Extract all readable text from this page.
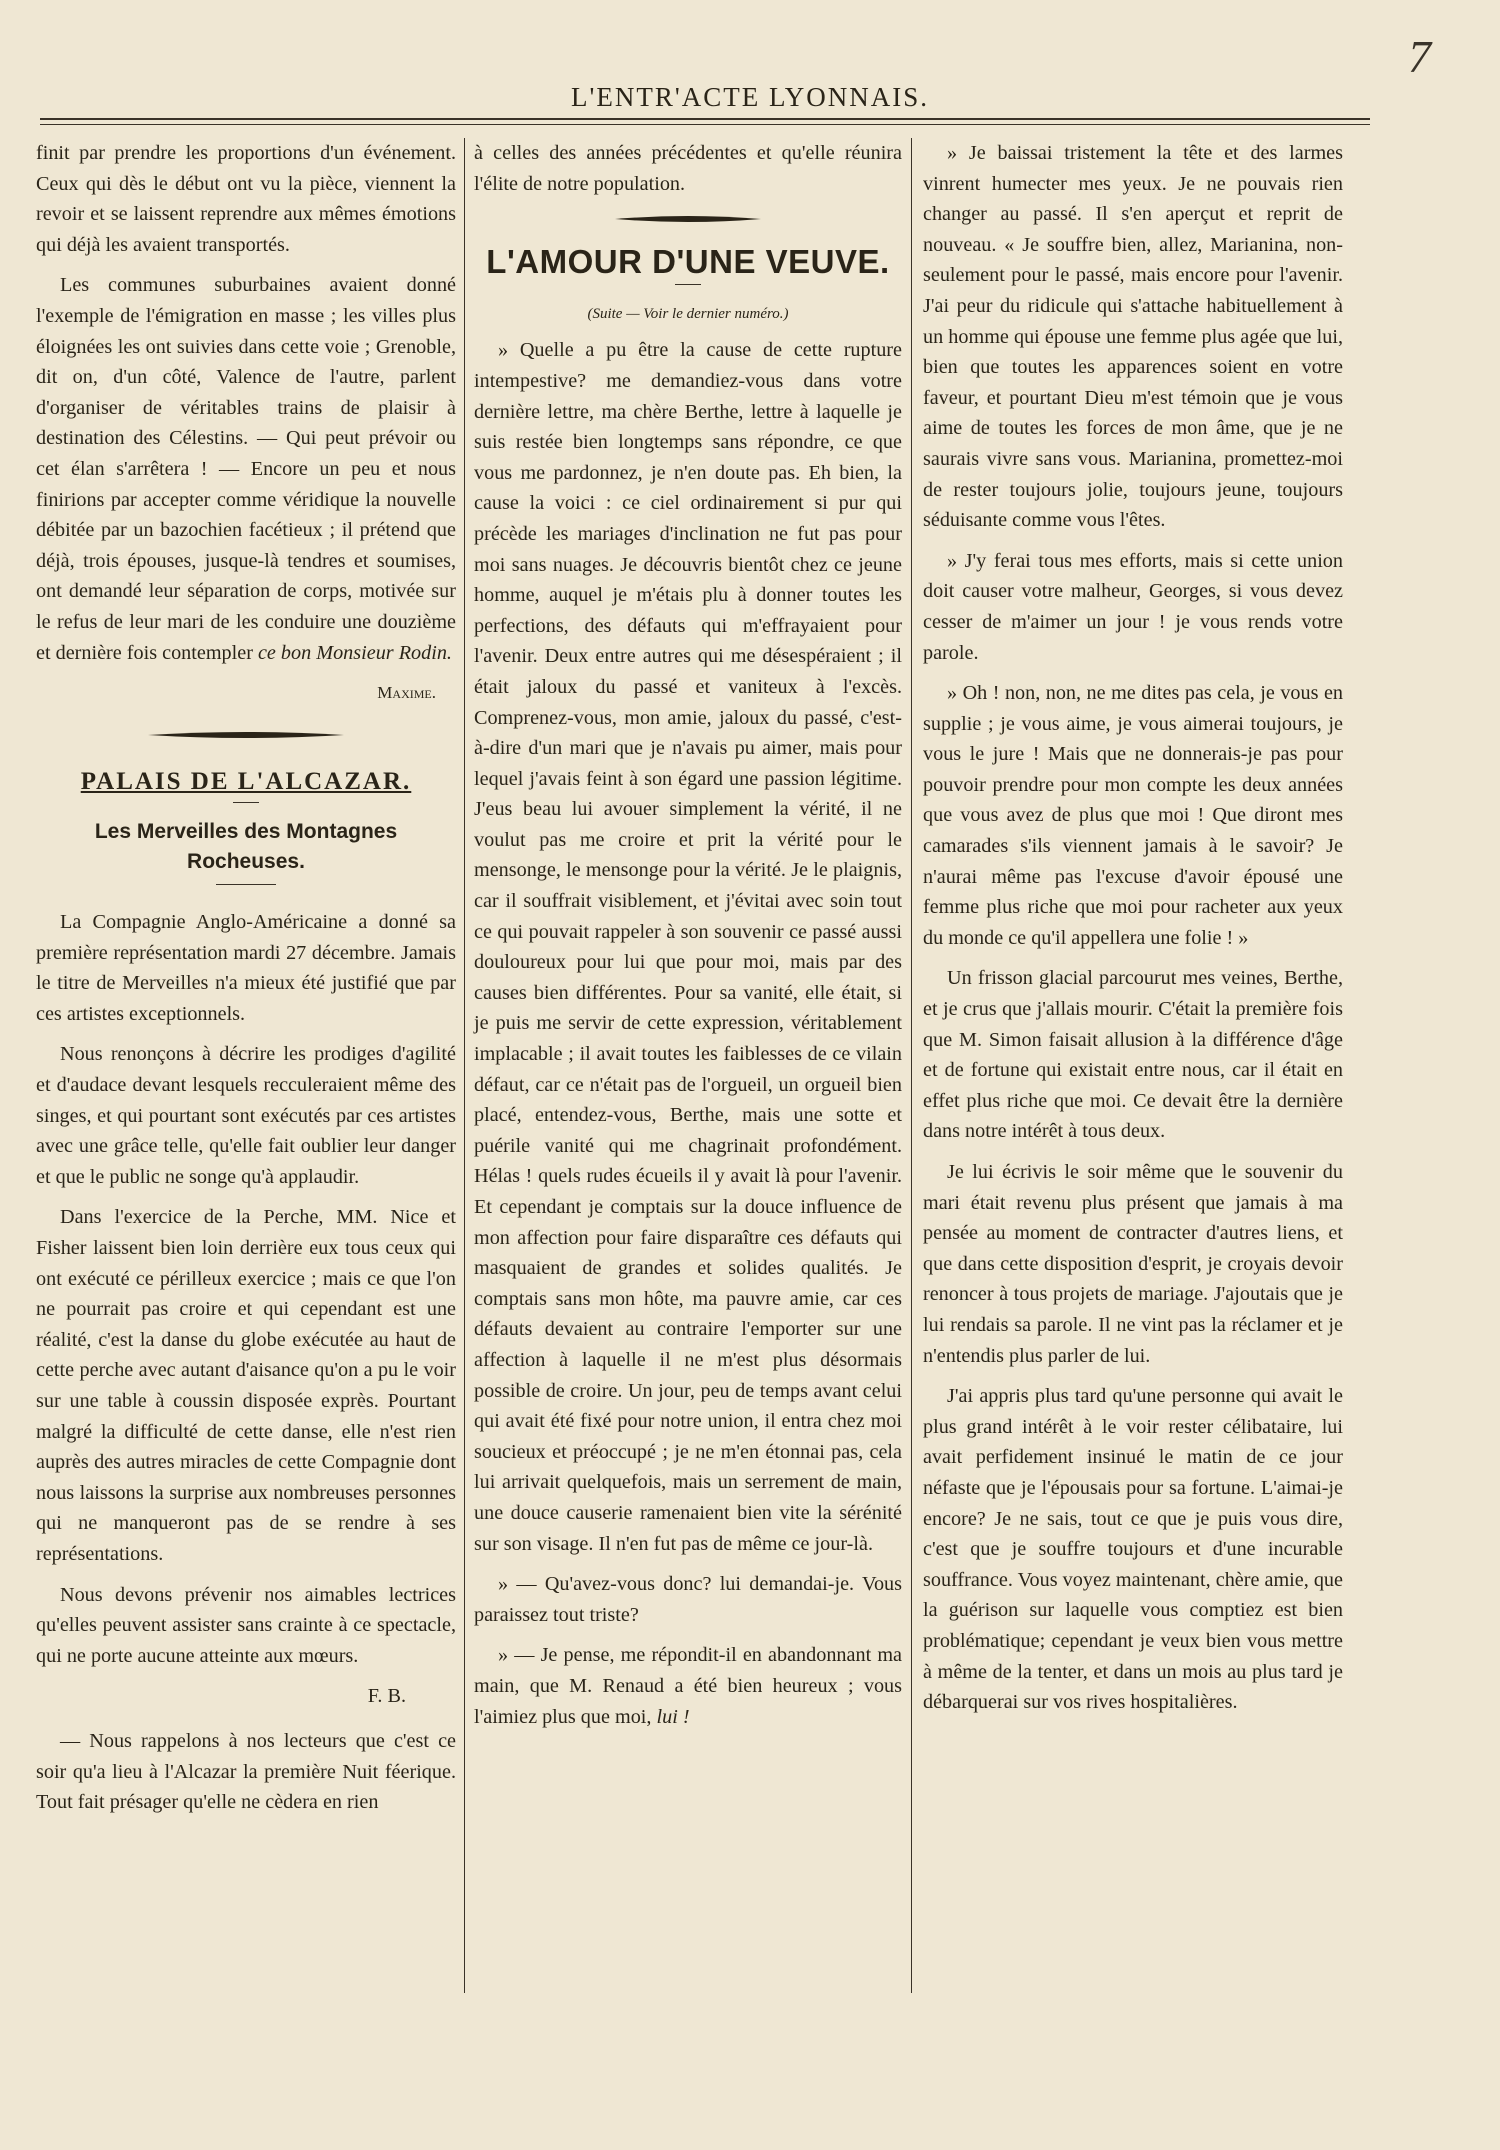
7
L'ENTR'ACTE LYONNAIS.

finit par prendre les proportions d'un événement. Ceux qui dès le début ont vu la pièce, viennent la revoir et se laissent reprendre aux mêmes émotions qui déjà les avaient transportés.

Les communes suburbaines avaient donné l'exemple de l'émigration en masse ; les villes plus éloignées les ont suivies dans cette voie ; Grenoble, dit on, d'un côté, Valence de l'autre, parlent d'organiser de véritables trains de plaisir à destination des Célestins. — Qui peut prévoir ou cet élan s'arrêtera ! — Encore un peu et nous finirions par accepter comme véridique la nouvelle débitée par un bazochien facétieux ; il prétend que déjà, trois épouses, jusque-là tendres et soumises, ont demandé leur séparation de corps, motivée sur le refus de leur mari de les conduire une douzième et dernière fois contempler ce bon Monsieur Rodin.

Maxime.
PALAIS DE L'ALCAZAR.
Les Merveilles des Montagnes Rocheuses.

La Compagnie Anglo-Américaine a donné sa première représentation mardi 27 décembre. Jamais le titre de Merveilles n'a mieux été justifié que par ces artistes exceptionnels.

Nous renonçons à décrire les prodiges d'agilité et d'audace devant lesquels recculeraient même des singes, et qui pourtant sont exécutés par ces artistes avec une grâce telle, qu'elle fait oublier leur danger et que le public ne songe qu'à applaudir.

Dans l'exercice de la Perche, MM. Nice et Fisher laissent bien loin derrière eux tous ceux qui ont exécuté ce périlleux exercice ; mais ce que l'on ne pourrait pas croire et qui cependant est une réalité, c'est la danse du globe exécutée au haut de cette perche avec autant d'aisance qu'on a pu le voir sur une table à coussin disposée exprès. Pourtant malgré la difficulté de cette danse, elle n'est rien auprès des autres miracles de cette Compagnie dont nous laissons la surprise aux nombreuses personnes qui ne manqueront pas de se rendre à ses représentations.

Nous devons prévenir nos aimables lectrices qu'elles peuvent assister sans crainte à ce spectacle, qui ne porte aucune atteinte aux mœurs.

F. B.

— Nous rappelons à nos lecteurs que c'est ce soir qu'a lieu à l'Alcazar la première Nuit féerique. Tout fait présager qu'elle ne cèdera en rien

à celles des années précédentes et qu'elle réunira l'élite de notre population.

L'AMOUR D'UNE VEUVE.
(Suite — Voir le dernier numéro.)

» Quelle a pu être la cause de cette rupture intempestive? me demandiez-vous dans votre dernière lettre, ma chère Berthe, lettre à laquelle je suis restée bien longtemps sans répondre, ce que vous me pardonnez, je n'en doute pas. Eh bien, la cause la voici : ce ciel ordinairement si pur qui précède les mariages d'inclination ne fut pas pour moi sans nuages. Je découvris bientôt chez ce jeune homme, auquel je m'étais plu à donner toutes les perfections, des défauts qui m'effrayaient pour l'avenir. Deux entre autres qui me désespéraient ; il était jaloux du passé et vaniteux à l'excès. Comprenez-vous, mon amie, jaloux du passé, c'est-à-dire d'un mari que je n'avais pu aimer, mais pour lequel j'avais feint à son égard une passion légitime. J'eus beau lui avouer simplement la vérité, il ne voulut pas me croire et prit la vérité pour le mensonge, le mensonge pour la vérité. Je le plaignis, car il souffrait visiblement, et j'évitai avec soin tout ce qui pouvait rappeler à son souvenir ce passé aussi douloureux pour lui que pour moi, mais par des causes bien différentes. Pour sa vanité, elle était, si je puis me servir de cette expression, véritablement implacable ; il avait toutes les faiblesses de ce vilain défaut, car ce n'était pas de l'orgueil, un orgueil bien placé, entendez-vous, Berthe, mais une sotte et puérile vanité qui me chagrinait profondément. Hélas ! quels rudes écueils il y avait là pour l'avenir. Et cependant je comptais sur la douce influence de mon affection pour faire disparaître ces défauts qui masquaient de grandes et solides qualités. Je comptais sans mon hôte, ma pauvre amie, car ces défauts devaient au contraire l'emporter sur une affection à laquelle il ne m'est plus désormais possible de croire. Un jour, peu de temps avant celui qui avait été fixé pour notre union, il entra chez moi soucieux et préoccupé ; je ne m'en étonnai pas, cela lui arrivait quelquefois, mais un serrement de main, une douce causerie ramenaient bien vite la sérénité sur son visage. Il n'en fut pas de même ce jour-là.

» — Qu'avez-vous donc? lui demandai-je. Vous paraissez tout triste?

» — Je pense, me répondit-il en abandonnant ma main, que M. Renaud a été bien heureux ; vous l'aimiez plus que moi, lui !

» Je baissai tristement la tête et des larmes vinrent humecter mes yeux. Je ne pouvais rien changer au passé. Il s'en aperçut et reprit de nouveau. « Je souffre bien, allez, Marianina, non-seulement pour le passé, mais encore pour l'avenir. J'ai peur du ridicule qui s'attache habituellement à un homme qui épouse une femme plus agée que lui, bien que toutes les apparences soient en votre faveur, et pourtant Dieu m'est témoin que je vous aime de toutes les forces de mon âme, que je ne saurais vivre sans vous. Marianina, promettez-moi de rester toujours jolie, toujours jeune, toujours séduisante comme vous l'êtes.

» J'y ferai tous mes efforts, mais si cette union doit causer votre malheur, Georges, si vous devez cesser de m'aimer un jour ! je vous rends votre parole.

» Oh ! non, non, ne me dites pas cela, je vous en supplie ; je vous aime, je vous aimerai toujours, je vous le jure ! Mais que ne donnerais-je pas pour pouvoir prendre pour mon compte les deux années que vous avez de plus que moi ! Que diront mes camarades s'ils viennent jamais à le savoir? Je n'aurai même pas l'excuse d'avoir épousé une femme plus riche que moi pour racheter aux yeux du monde ce qu'il appellera une folie ! »

Un frisson glacial parcourut mes veines, Berthe, et je crus que j'allais mourir. C'était la première fois que M. Simon faisait allusion à la différence d'âge et de fortune qui existait entre nous, car il était en effet plus riche que moi. Ce devait être la dernière dans notre intérêt à tous deux.

Je lui écrivis le soir même que le souvenir du mari était revenu plus présent que jamais à ma pensée au moment de contracter d'autres liens, et que dans cette disposition d'esprit, je croyais devoir renoncer à tous projets de mariage. J'ajoutais que je lui rendais sa parole. Il ne vint pas la réclamer et je n'entendis plus parler de lui.

J'ai appris plus tard qu'une personne qui avait le plus grand intérêt à le voir rester célibataire, lui avait perfidement insinué le matin de ce jour néfaste que je l'épousais pour sa fortune. L'aimai-je encore? Je ne sais, tout ce que je puis vous dire, c'est que je souffre toujours et d'une incurable souffrance. Vous voyez maintenant, chère amie, que la guérison sur laquelle vous comptiez est bien problématique; cependant je veux bien vous mettre à même de la tenter, et dans un mois au plus tard je débarquerai sur vos rives hospitalières.
